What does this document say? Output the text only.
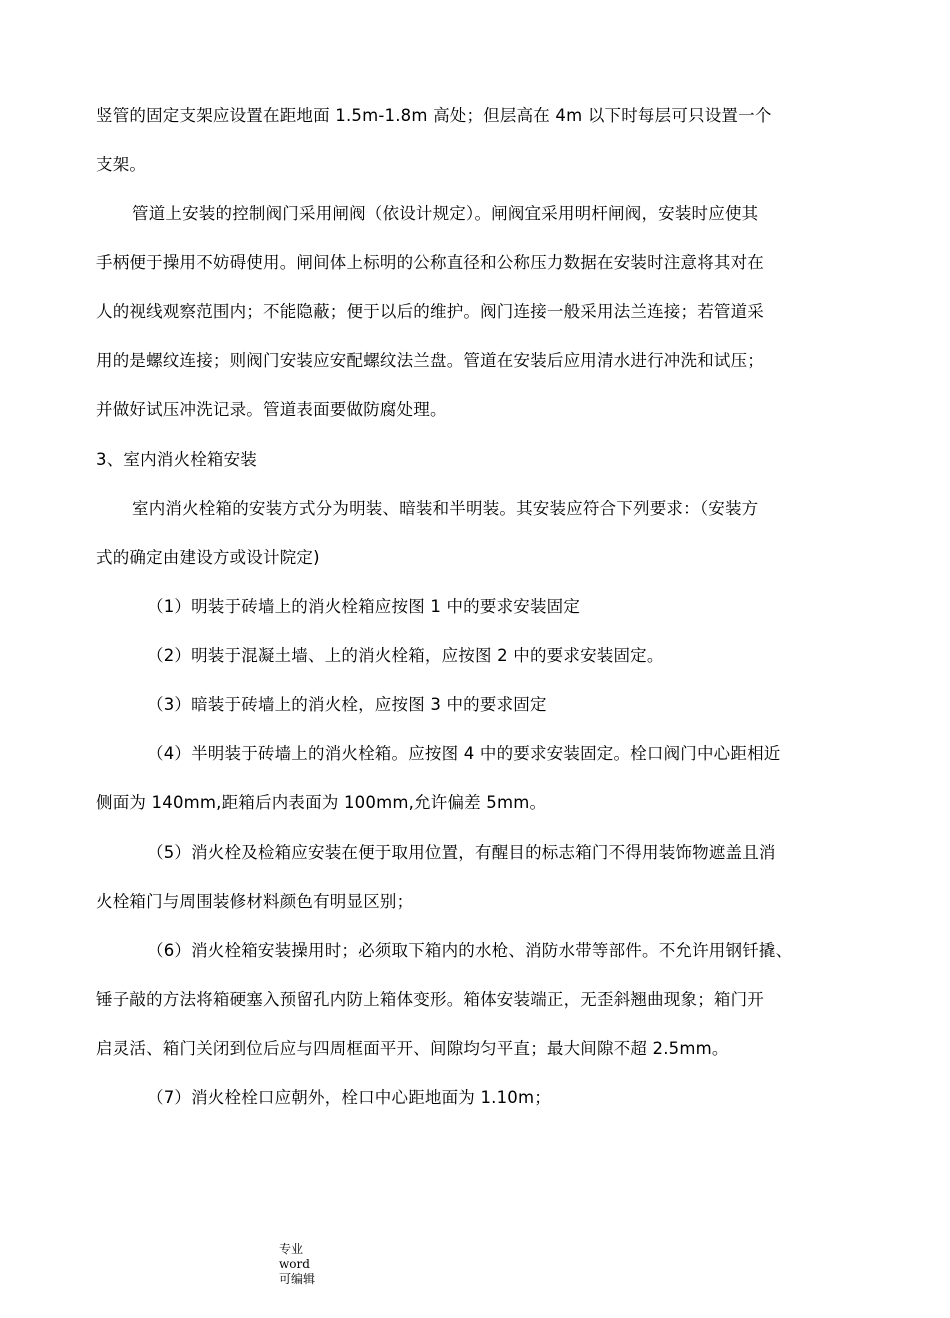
竖管的固定支架应设置在距地面 1.5m-1.8m 高处；但层高在 4m 以下时每层可只设置一个
支架。
管道上安装的控制阀门采用闸阀（依设计规定）。闸阀宜采用明杆闸阀，安装时应使其
手柄便于操用不妨碍使用。闸间体上标明的公称直径和公称压力数据在安装时注意将其对在
人的视线观察范围内；不能隐蔽；便于以后的维护。阀门连接一般采用法兰连接；若管道采
用的是螺纹连接；则阀门安装应安配螺纹法兰盘。管道在安装后应用清水进行冲洗和试压；
并做好试压冲洗记录。管道表面要做防腐处理。
3、室内消火栓箱安装
室内消火栓箱的安装方式分为明装、暗装和半明装。其安装应符合下列要求：（安装方
式的确定由建设方或设计院定)
（1）明装于砖墙上的消火栓箱应按图 1 中的要求安装固定
（2）明装于混凝土墙、上的消火栓箱，应按图 2 中的要求安装固定。
（3）暗装于砖墙上的消火栓，应按图 3 中的要求固定
（4）半明装于砖墙上的消火栓箱。应按图 4 中的要求安装固定。栓口阀门中心距相近
侧面为 140mm,距箱后内表面为 100mm,允许偏差 5mm。
（5）消火栓及检箱应安装在便于取用位置，有醒目的标志箱门不得用装饰物遮盖且消
火栓箱门与周围装修材料颜色有明显区别；
（6）消火栓箱安装操用时；必须取下箱内的水枪、消防水带等部件。不允许用钢钎撬、
锤子敲的方法将箱硬塞入预留孔内防上箱体变形。箱体安装端正，无歪斜翘曲现象；箱门开
启灵活、箱门关闭到位后应与四周框面平开、间隙均匀平直；最大间隙不超 2.5mm。
（7）消火栓栓口应朝外，栓口中心距地面为 1.10m；
专业
word
可编辑
